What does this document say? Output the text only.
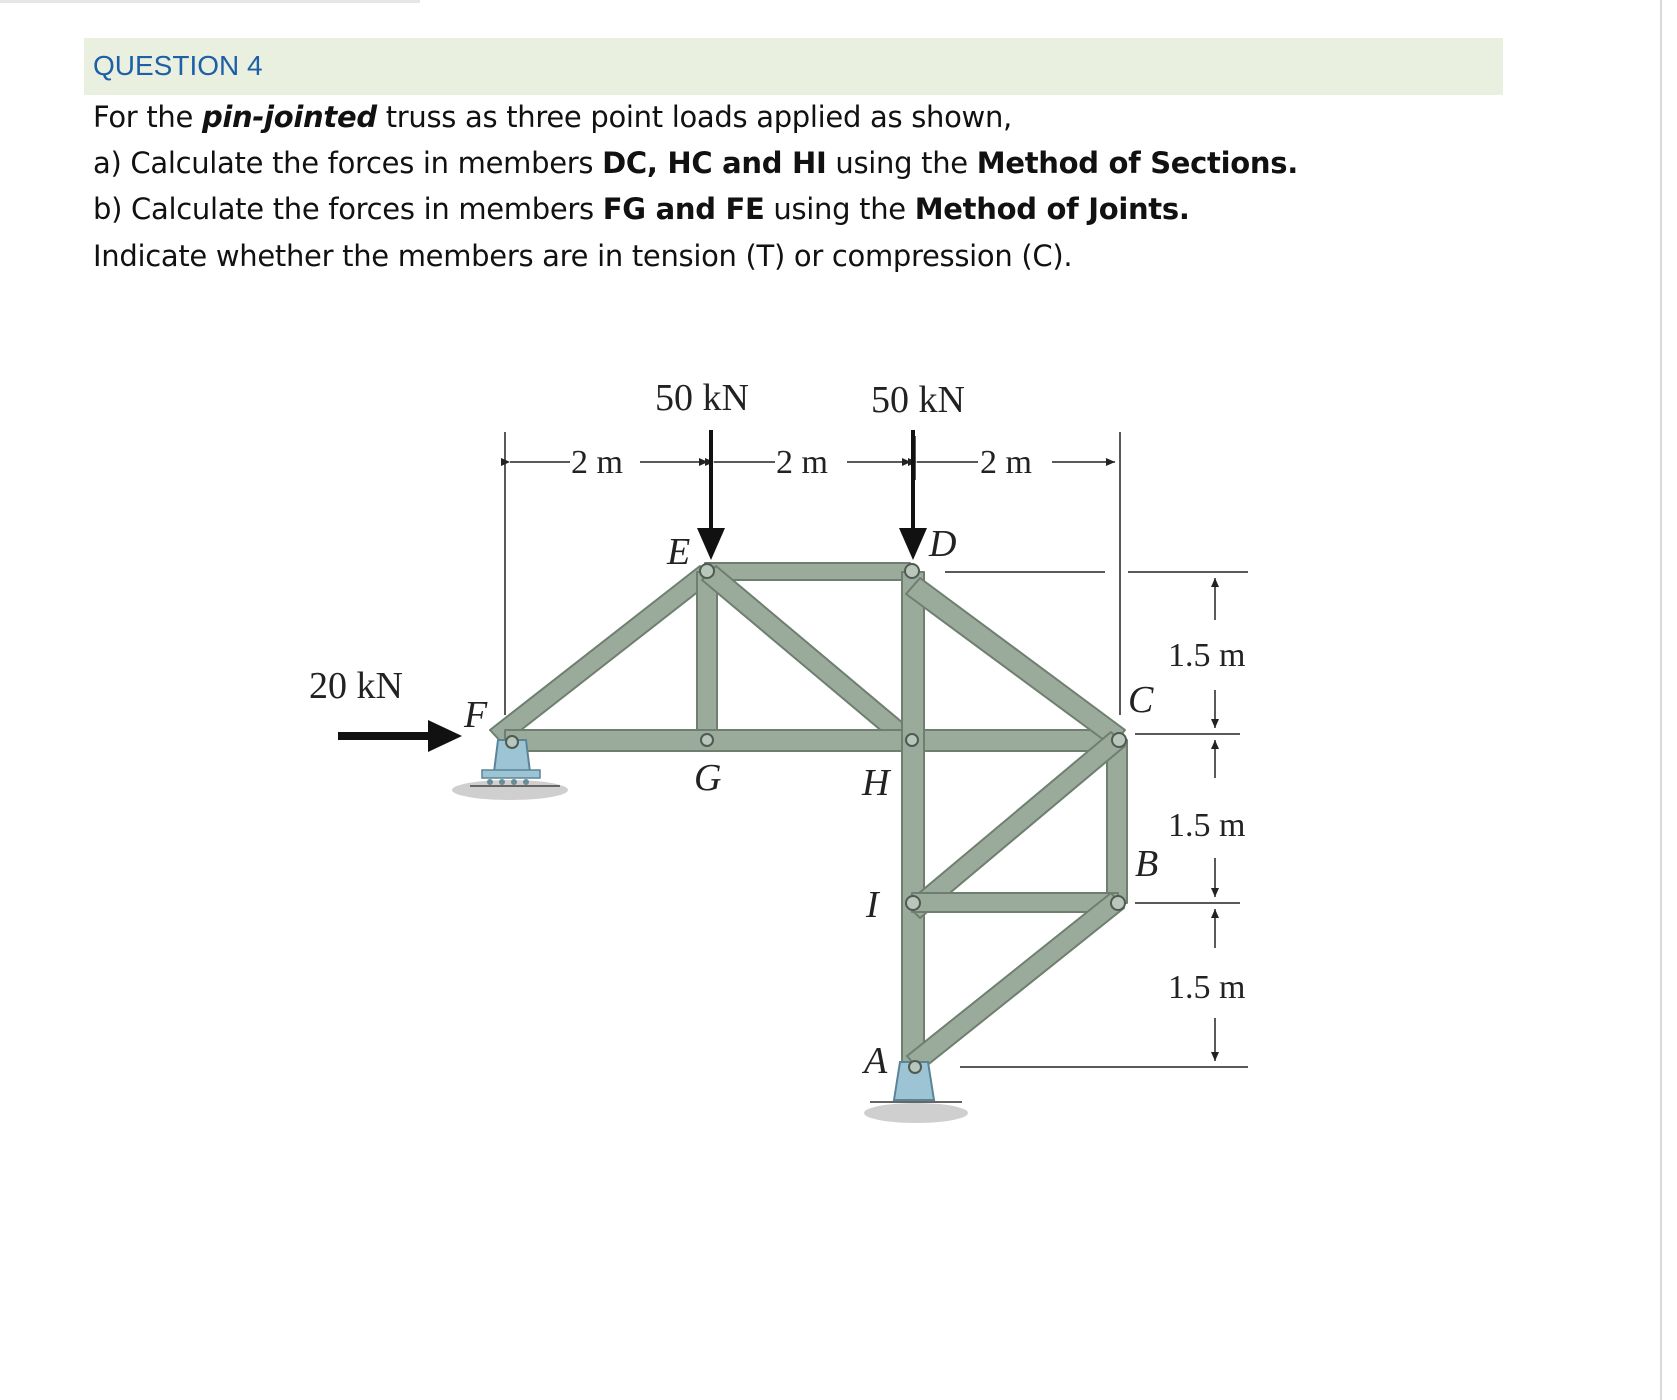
QUESTION 4
For the pin-jointed truss as three point loads applied as shown,
a) Calculate the forces in members DC, HC and HI using the Method of Sections.
b) Calculate the forces in members FG and FE using the Method of Joints.
Indicate whether the members are in tension (T) or compression (C).
2 m	2 m	2 m
1.5 m
1.5 m
1.5 m
50 kN	50 kN
20 kN
E	D
F
G	H
C
B
I
A
